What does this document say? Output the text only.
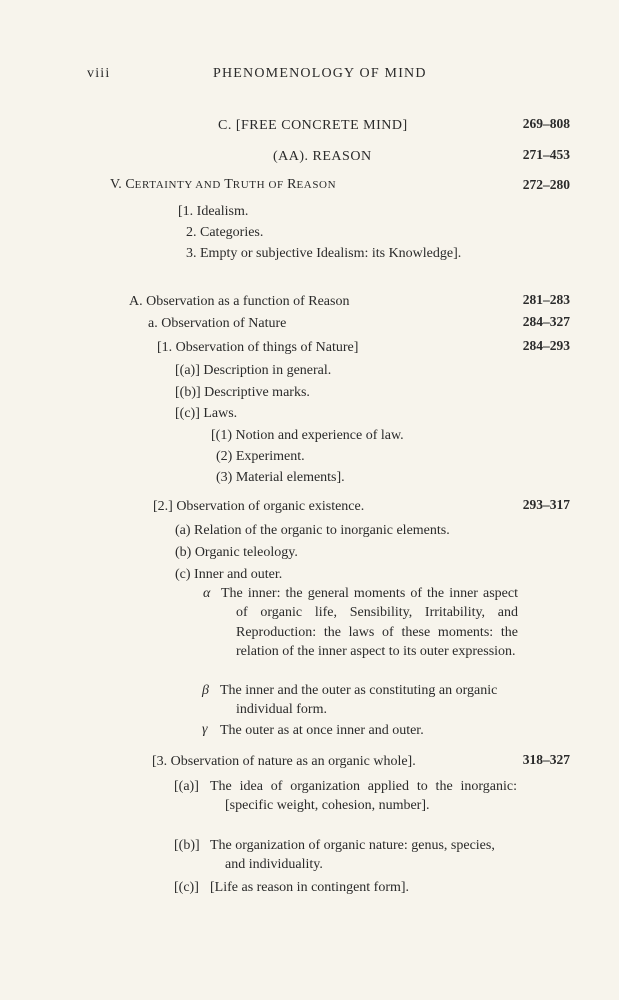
viii	PHENOMENOLOGY OF MIND
C. [FREE CONCRETE MIND]	269–808
(AA). REASON	271–453
V. CERTAINTY AND TRUTH OF REASON	272–280
[1. Idealism.
2. Categories.
3. Empty or subjective Idealism: its Knowledge].
A. Observation as a function of Reason	281–283
a. Observation of Nature	284–327
[1. Observation of things of Nature]	284–293
[(a)] Description in general.
[(b)] Descriptive marks.
[(c)] Laws.
[(1) Notion and experience of law.
(2) Experiment.
(3) Material elements].
[2.] Observation of organic existence.	293–317
(a) Relation of the organic to inorganic elements.
(b) Organic teleology.
(c) Inner and outer.
α The inner: the general moments of the inner aspect of organic life, Sensibility, Irritability, and Reproduction: the laws of these moments: the relation of the inner aspect to its outer expression.
β The inner and the outer as constituting an organic individual form.
γ The outer as at once inner and outer.
[3. Observation of nature as an organic whole].	318–327
[(a)] The idea of organization applied to the inorganic: [specific weight, cohesion, number].
[(b)] The organization of organic nature: genus, species, and individuality.
[(c)] [Life as reason in contingent form].
